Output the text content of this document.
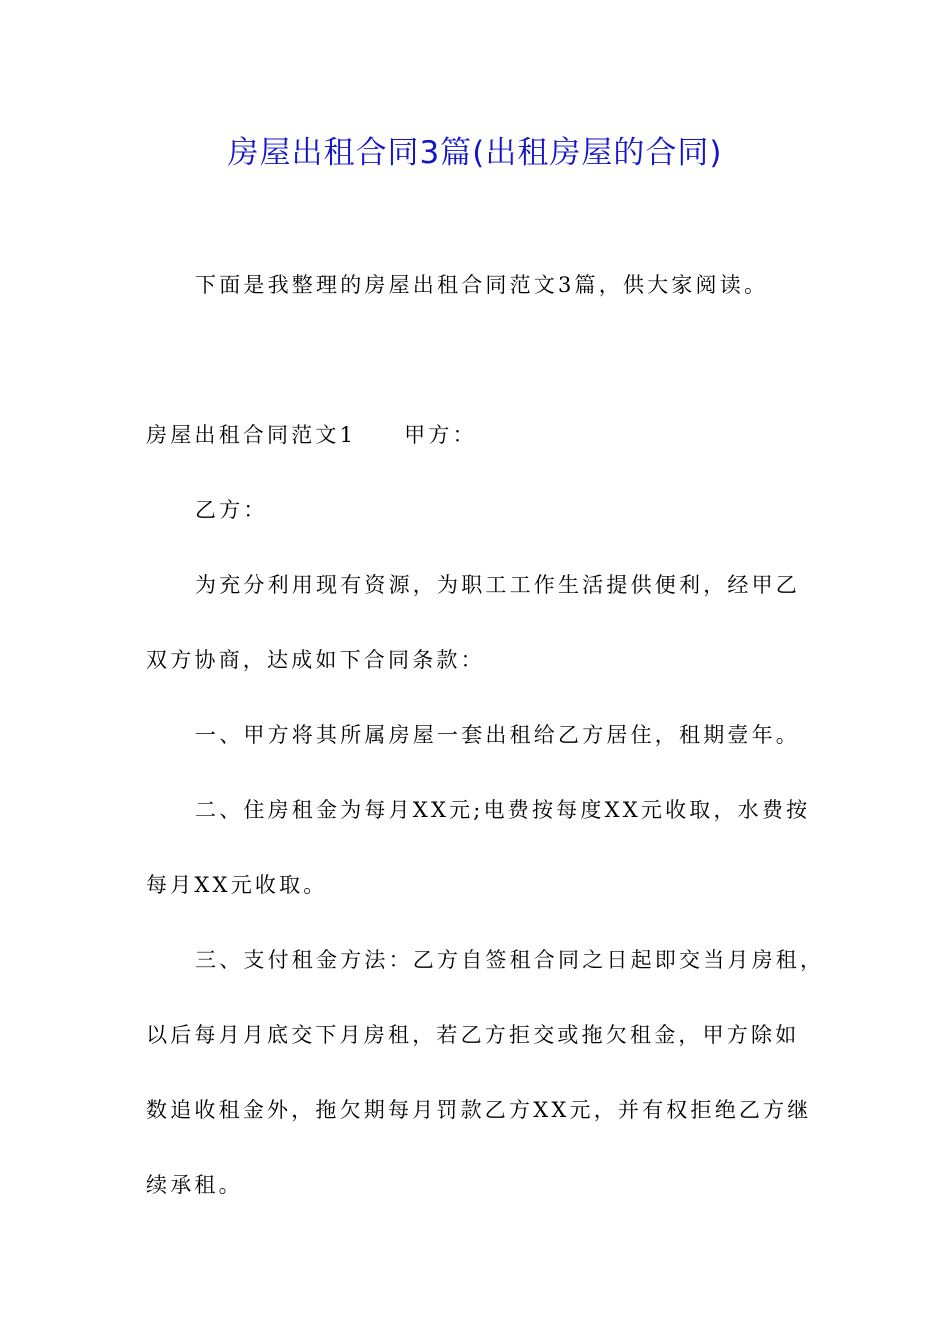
房屋出租合同3篇(出租房屋的合同)

下面是我整理的房屋出租合同范文3篇，供大家阅读。

房屋出租合同范文1 甲方：

乙方：

为充分利用现有资源，为职工工作生活提供便利，经甲乙

双方协商，达成如下合同条款：

一、甲方将其所属房屋一套出租给乙方居住，租期壹年。

二、住房租金为每月XX元;电费按每度XX元收取，水费按

每月XX元收取。

三、支付租金方法：乙方自签租合同之日起即交当月房租，

以后每月月底交下月房租，若乙方拒交或拖欠租金，甲方除如

数追收租金外，拖欠期每月罚款乙方XX元，并有权拒绝乙方继

续承租。
